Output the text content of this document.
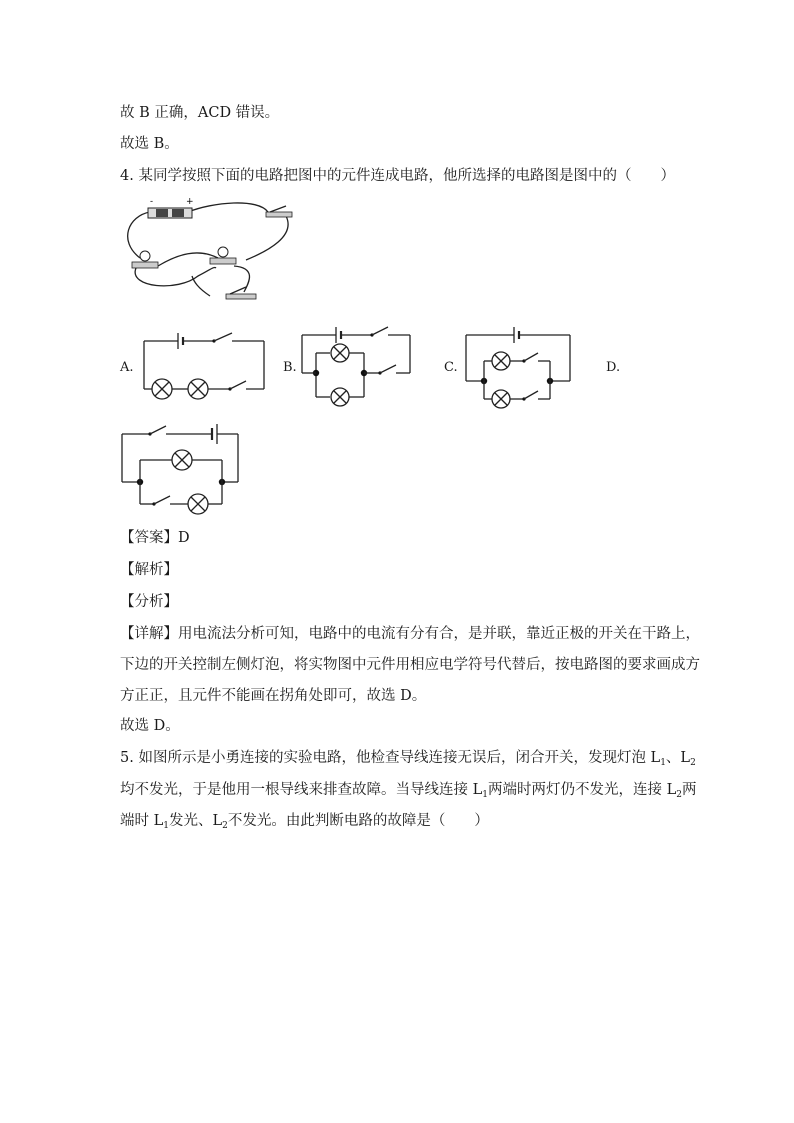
故 B 正确，ACD 错误。
故选 B。
4. 某同学按照下面的电路把图中的元件连成电路，他所选择的电路图是图中的（　　）
-	+
A.	B.	C.	D.
【答案】D
【解析】
【分析】
【详解】用电流法分析可知，电路中的电流有分有合，是并联，靠近正极的开关在干路上，
下边的开关控制左侧灯泡，将实物图中元件用相应电学符号代替后，按电路图的要求画成方
方正正，且元件不能画在拐角处即可，故选 D。
故选 D。
5. 如图所示是小勇连接的实验电路，他检查导线连接无误后，闭合开关，发现灯泡 $L_1$、$L_2$
均不发光，于是他用一根导线来排查故障。当导线连接 $L_1$两端时两灯仍不发光，连接 $L_2$两
端时 $L_1$发光、$L_2$不发光。由此判断电路的故障是（　　）
